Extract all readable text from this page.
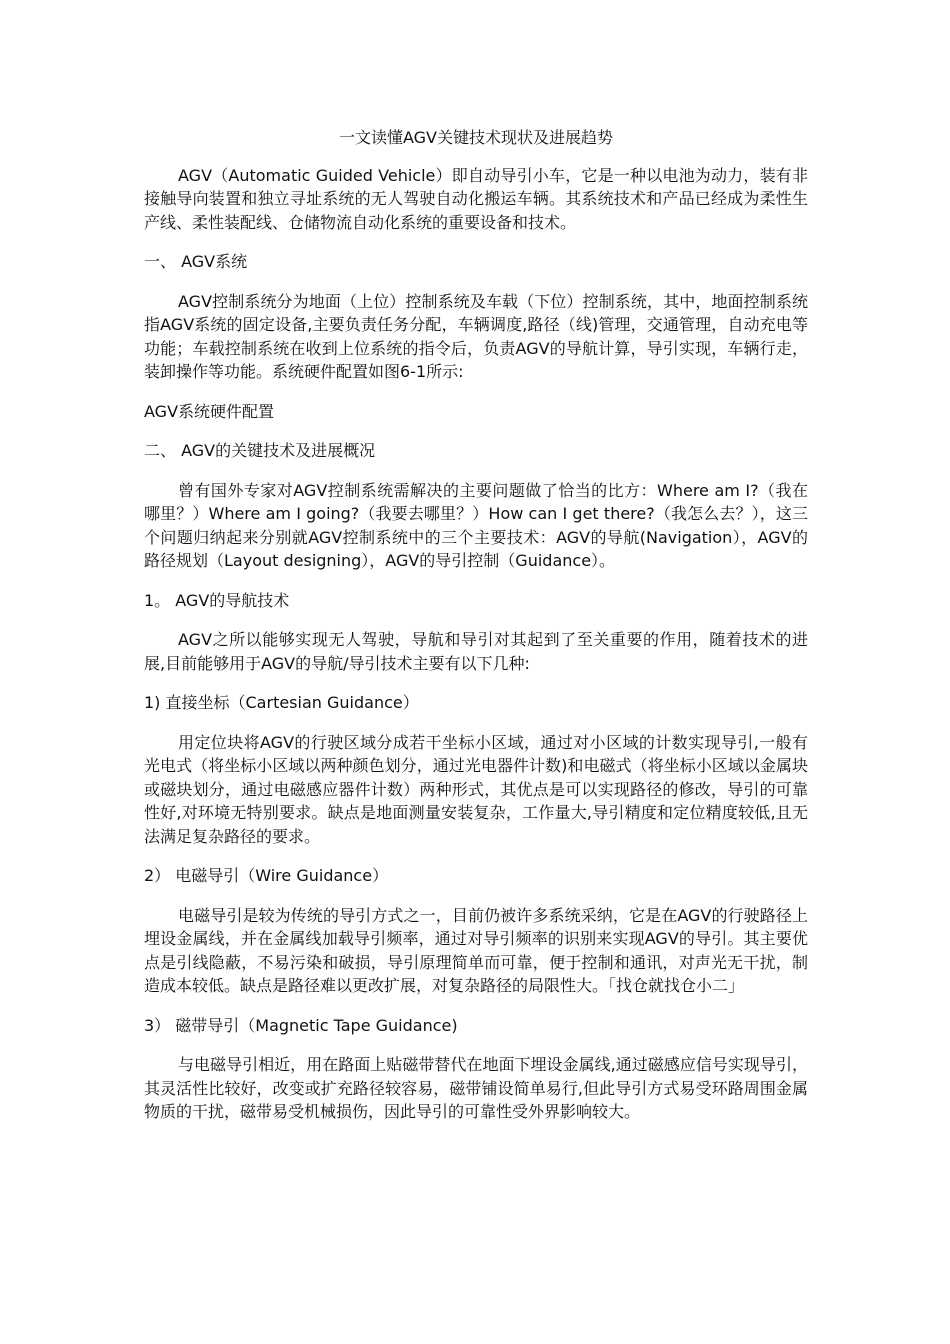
一文读懂AGV关键技术现状及进展趋势

AGV（Automatic Guided Vehicle）即自动导引小车，它是一种以电池为动力，装有非接触导向装置和独立寻址系统的无人驾驶自动化搬运车辆。其系统技术和产品已经成为柔性生产线、柔性装配线、仓储物流自动化系统的重要设备和技术。

一、 AGV系统

AGV控制系统分为地面（上位）控制系统及车载（下位）控制系统，其中，地面控制系统指AGV系统的固定设备,主要负责任务分配，车辆调度,路径（线)管理，交通管理，自动充电等功能；车载控制系统在收到上位系统的指令后，负责AGV的导航计算，导引实现，车辆行走，装卸操作等功能。系统硬件配置如图6-1所示:

AGV系统硬件配置
二、 AGV的关键技术及进展概况

曾有国外专家对AGV控制系统需解决的主要问题做了恰当的比方：Where am I?（我在哪里？）Where am I going?（我要去哪里？）How can I get there?（我怎么去？），这三个问题归纳起来分别就AGV控制系统中的三个主要技术：AGV的导航(Navigation），AGV的路径规划（Layout designing），AGV的导引控制（Guidance）。

1。 AGV的导航技术

AGV之所以能够实现无人驾驶，导航和导引对其起到了至关重要的作用，随着技术的进展,目前能够用于AGV的导航/导引技术主要有以下几种:

1) 直接坐标（Cartesian Guidance）

用定位块将AGV的行驶区域分成若干坐标小区域，通过对小区域的计数实现导引,一般有光电式（将坐标小区域以两种颜色划分，通过光电器件计数)和电磁式（将坐标小区域以金属块或磁块划分，通过电磁感应器件计数）两种形式，其优点是可以实现路径的修改，导引的可靠性好,对环境无特别要求。缺点是地面测量安装复杂，工作量大,导引精度和定位精度较低,且无法满足复杂路径的要求。

2） 电磁导引（Wire Guidance）

电磁导引是较为传统的导引方式之一，目前仍被许多系统采纳，它是在AGV的行驶路径上埋设金属线，并在金属线加载导引频率，通过对导引频率的识别来实现AGV的导引。其主要优点是引线隐蔽，不易污染和破损，导引原理简单而可靠，便于控制和通讯，对声光无干扰，制造成本较低。缺点是路径难以更改扩展，对复杂路径的局限性大。「找仓就找仓小二」

3） 磁带导引（Magnetic Tape Guidance)

与电磁导引相近，用在路面上贴磁带替代在地面下埋设金属线,通过磁感应信号实现导引，其灵活性比较好，改变或扩充路径较容易，磁带铺设简单易行,但此导引方式易受环路周围金属物质的干扰，磁带易受机械损伤，因此导引的可靠性受外界影响较大。
